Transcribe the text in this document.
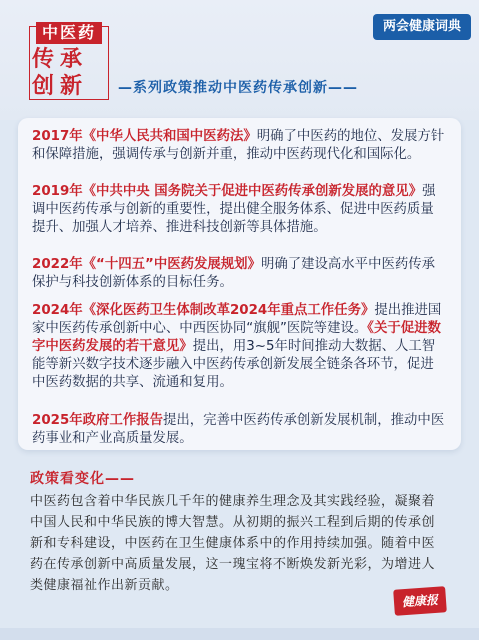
中医药
传承
创新
两会健康词典
—系列政策推动中医药传承创新——
2017年《中华人民共和国中医药法》明确了中医药的地位、发展方针和保障措施，强调传承与创新并重，推动中医药现代化和国际化。
2019年《中共中央 国务院关于促进中医药传承创新发展的意见》强调中医药传承与创新的重要性，提出健全服务体系、促进中医药质量提升、加强人才培养、推进科技创新等具体措施。
2022年《“十四五”中医药发展规划》明确了建设高水平中医药传承保护与科技创新体系的目标任务。
2024年《深化医药卫生体制改革2024年重点工作任务》提出推进国家中医药传承创新中心、中西医协同“旗舰”医院等建设。《关于促进数字中医药发展的若干意见》提出，用3~5年时间推动大数据、人工智能等新兴数字技术逐步融入中医药传承创新发展全链条各环节，促进中医药数据的共享、流通和复用。
2025年政府工作报告提出，完善中医药传承创新发展机制，推动中医药事业和产业高质量发展。
政策看变化——
中医药包含着中华民族几千年的健康养生理念及其实践经验，凝聚着中国人民和中华民族的博大智慧。从初期的振兴工程到后期的传承创新和专科建设，中医药在卫生健康体系中的作用持续加强。随着中医药在传承创新中高质量发展，这一瑰宝将不断焕发新光彩，为增进人类健康福祉作出新贡献。
健康报
